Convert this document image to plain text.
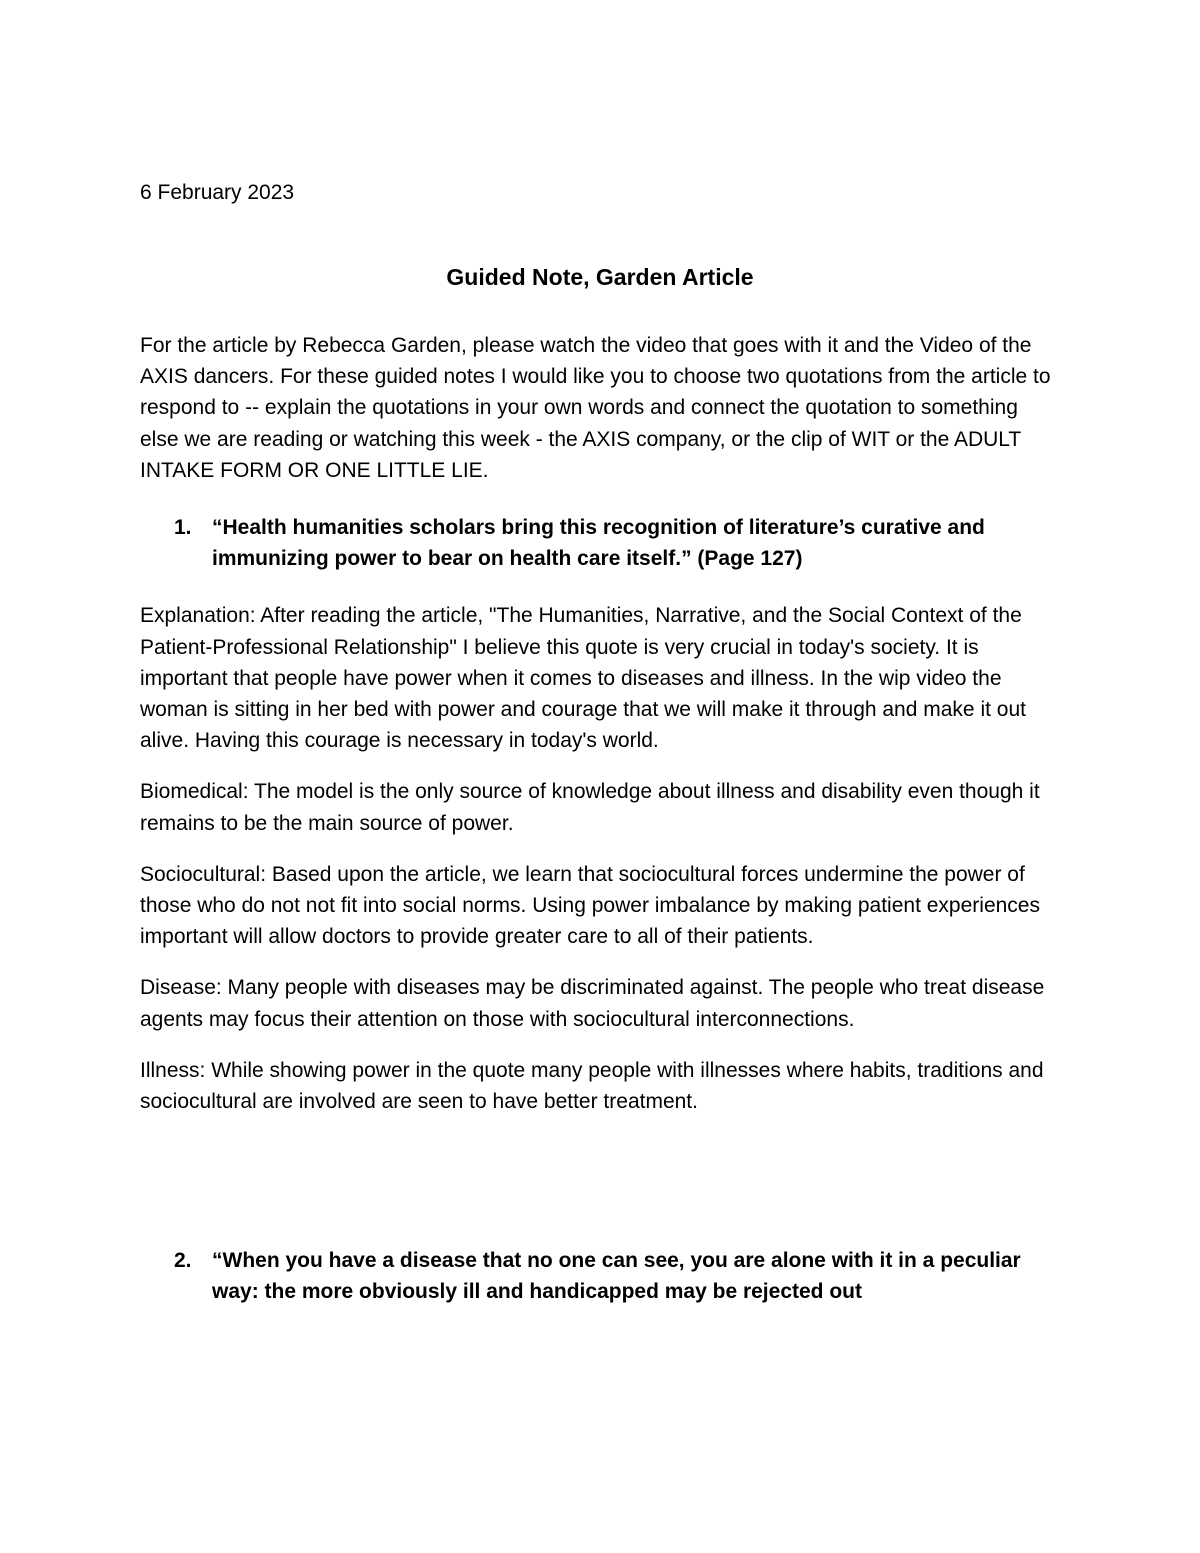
6 February 2023

Guided Note, Garden Article

For the article by Rebecca Garden, please watch the video that goes with it and the Video of the AXIS dancers. For these guided notes I would like you to choose two quotations from the article to respond to -- explain the quotations in your own words and connect the quotation to something else we are reading or watching this week - the AXIS company, or the clip of WIT or the ADULT INTAKE FORM OR ONE LITTLE LIE.

1. “Health humanities scholars bring this recognition of literature’s curative and immunizing power to bear on health care itself.” (Page 127)

Explanation: After reading the article, "The Humanities, Narrative, and the Social Context of the Patient-Professional Relationship" I believe this quote is very crucial in today's society. It is important that people have power when it comes to diseases and illness. In the wip video the woman is sitting in her bed with power and courage that we will make it through and make it out alive. Having this courage is necessary in today's world.

Biomedical: The model is the only source of knowledge about illness and disability even though it remains to be the main source of power.

Sociocultural: Based upon the article, we learn that sociocultural forces undermine the power of those who do not not fit into social norms. Using power imbalance by making patient experiences important will allow doctors to provide greater care to all of their patients.

Disease: Many people with diseases may be discriminated against. The people who treat disease agents may focus their attention on those with sociocultural interconnections.

Illness: While showing power in the quote many people with illnesses where habits, traditions and sociocultural are involved are seen to have better treatment.

2. “When you have a disease that no one can see, you are alone with it in a peculiar way: the more obviously ill and handicapped may be rejected out
